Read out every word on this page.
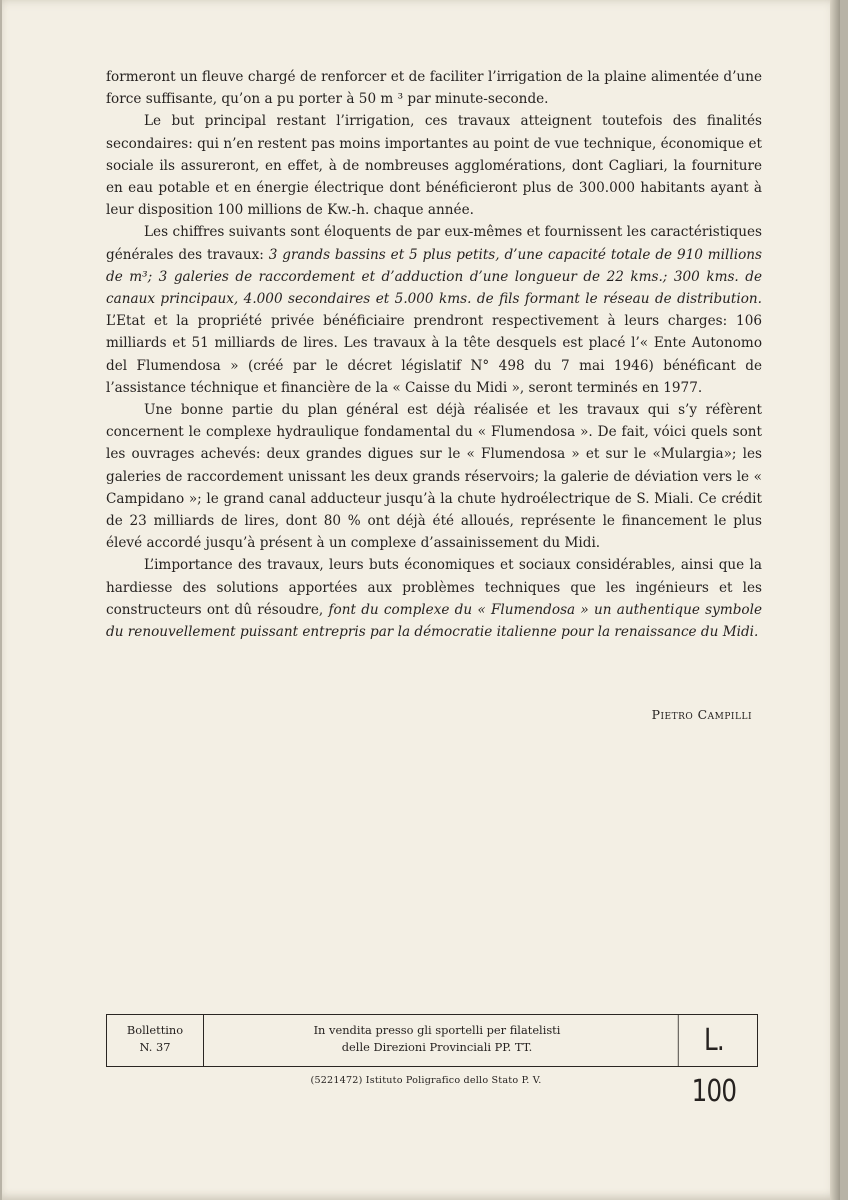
formeront un fleuve chargé de renforcer et de faciliter l’irrigation de la plaine alimentée d’une force suffisante, qu’on a pu porter à 50 m ³ par minute-seconde.

Le but principal restant l’irrigation, ces travaux atteignent toutefois des finalités secondaires: qui n’en restent pas moins importantes au point de vue technique, économique et sociale ils assureront, en effet, à de nombreuses agglomérations, dont Cagliari, la fourniture en eau potable et en énergie électrique dont bénéficieront plus de 300.000 habitants ayant à leur disposition 100 millions de Kw.-h. chaque année.

Les chiffres suivants sont éloquents de par eux-mêmes et fournissent les caractéristiques générales des travaux: 3 grands bassins et 5 plus petits, d’une capacité totale de 910 millions de m³; 3 galeries de raccordement et d’adduction d’une longueur de 22 kms.; 300 kms. de canaux principaux, 4.000 secondaires et 5.000 kms. de fils formant le réseau de distribution. L’Etat et la propriété privée bénéficiaire prendront respectivement à leurs charges: 106 milliards et 51 milliards de lires. Les travaux à la tête desquels est placé l’« Ente Autonomo del Flumendosa » (créé par le décret législatif N° 498 du 7 mai 1946) bénéficant de l’assistance téchnique et financière de la « Caisse du Midi », seront terminés en 1977.

Une bonne partie du plan général est déjà réalisée et les travaux qui s’y réfèrent concernent le complexe hydraulique fondamental du « Flumendosa ». De fait, vóici quels sont les ouvrages achevés: deux grandes digues sur le « Flumendosa » et sur le «Mulargia»; les galeries de raccordement unissant les deux grands réservoirs; la galerie de déviation vers le « Campidano »; le grand canal adducteur jusqu’à la chute hydroélectrique de S. Miali. Ce crédit de 23 milliards de lires, dont 80 % ont déjà été alloués, représente le financement le plus élevé accordé jusqu’à présent à un complexe d’assainissement du Midi.

L’importance des travaux, leurs buts économiques et sociaux considérables, ainsi que la hardiesse des solutions apportées aux problèmes techniques que les ingénieurs et les constructeurs ont dû résoudre, font du complexe du « Flumendosa » un authentique symbole du renouvellement puissant entrepris par la démocratie italienne pour la renaissance du Midi.

Pietro Campilli
Bollettino
N. 37
In vendita presso gli sportelli per filatelisti
delle Direzioni Provinciali PP. TT.	L. 100
(5221472) Istituto Poligrafico dello Stato P. V.
